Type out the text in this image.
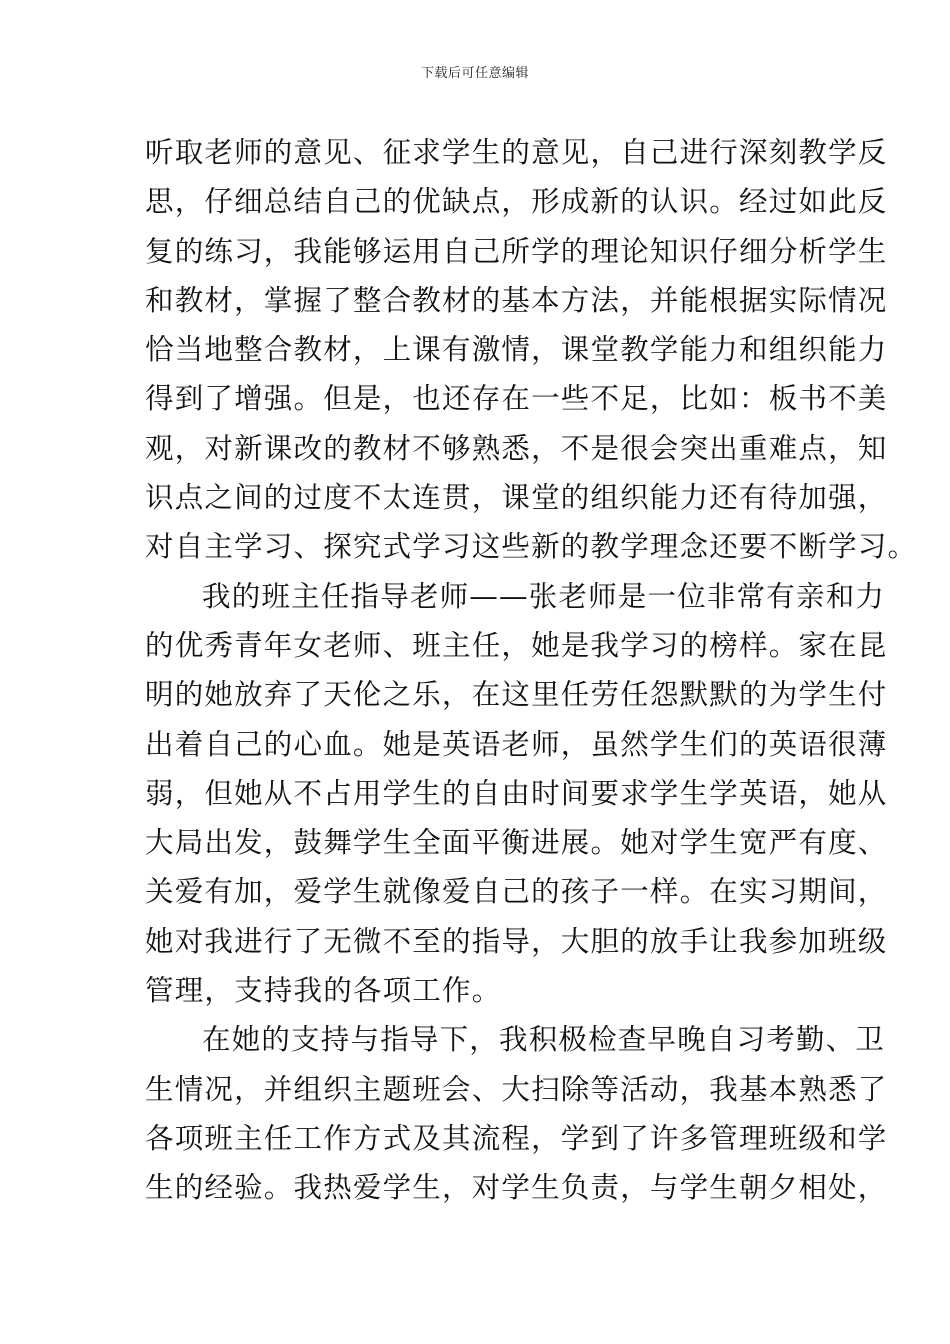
下载后可任意编辑

听取老师的意见、征求学生的意见，自己进行深刻教学反
思，仔细总结自己的优缺点，形成新的认识。经过如此反
复的练习，我能够运用自己所学的理论知识仔细分析学生
和教材，掌握了整合教材的基本方法，并能根据实际情况
恰当地整合教材，上课有激情，课堂教学能力和组织能力
得到了增强。但是，也还存在一些不足，比如：板书不美
观，对新课改的教材不够熟悉，不是很会突出重难点，知
识点之间的过度不太连贯，课堂的组织能力还有待加强，
对自主学习、探究式学习这些新的教学理念还要不断学习。

我的班主任指导老师——张老师是一位非常有亲和力
的优秀青年女老师、班主任，她是我学习的榜样。家在昆
明的她放弃了天伦之乐，在这里任劳任怨默默的为学生付
出着自己的心血。她是英语老师，虽然学生们的英语很薄
弱，但她从不占用学生的自由时间要求学生学英语，她从
大局出发，鼓舞学生全面平衡进展。她对学生宽严有度、
关爱有加，爱学生就像爱自己的孩子一样。在实习期间，
她对我进行了无微不至的指导，大胆的放手让我参加班级
管理，支持我的各项工作。

在她的支持与指导下，我积极检查早晚自习考勤、卫
生情况，并组织主题班会、大扫除等活动，我基本熟悉了
各项班主任工作方式及其流程，学到了许多管理班级和学
生的经验。我热爱学生，对学生负责，与学生朝夕相处，
